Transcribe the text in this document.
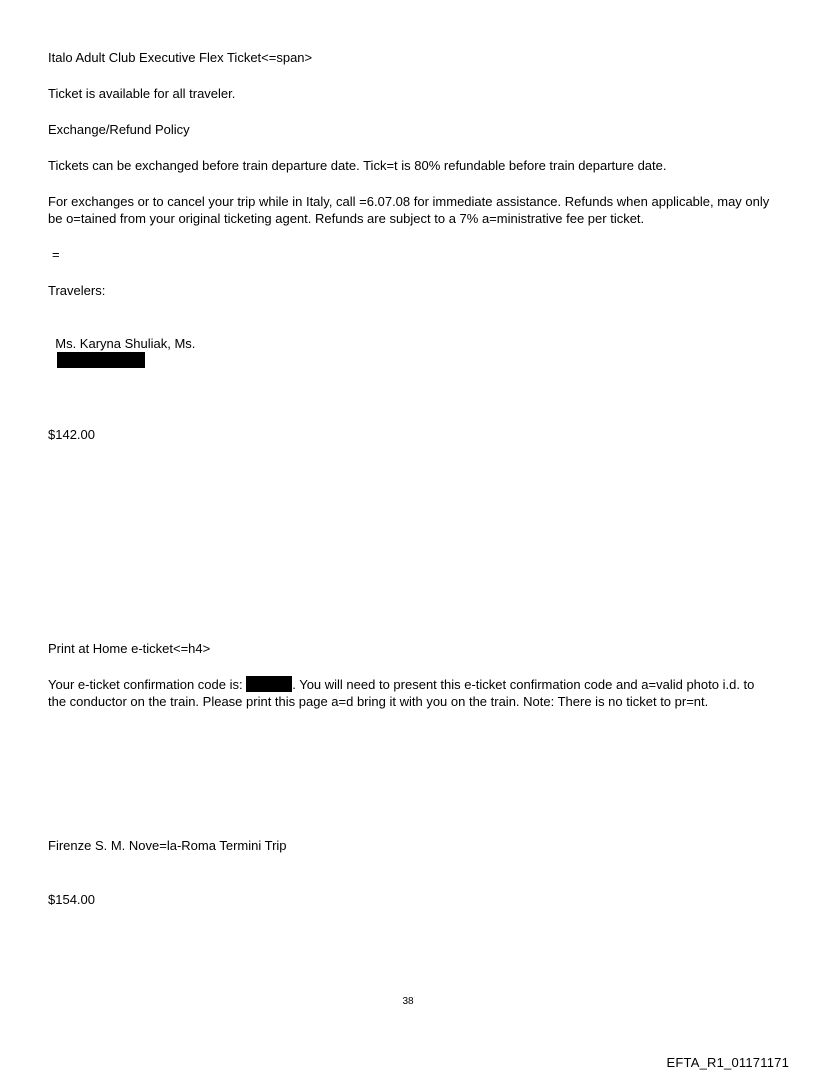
Italo Adult Club Executive Flex Ticket<=span>
Ticket is available for all traveler.
Exchange/Refund Policy
Tickets can be exchanged before train departure date. Tick=t is 80% refundable before train departure date.
For exchanges or to cancel your trip while in Italy, call =6.07.08 for immediate assistance. Refunds when applicable, may only be o=tained from your original ticketing agent. Refunds are subject to a 7% a=ministrative fee per ticket.
=
Travelers:

Ms. Karyna Shuliak, Ms.

$142.00
Print at Home e-ticket<=h4>
Your e-ticket confirmation code is:	. You will need to present this e-ticket confirmation code and a=valid photo i.d. to the conductor on the train. Please print this page a=d bring it with you on the train. Note: There is no ticket to pr=nt.
Firenze S. M. Nove=la-Roma Termini Trip
$154.00
38
EFTA_R1_01171171
